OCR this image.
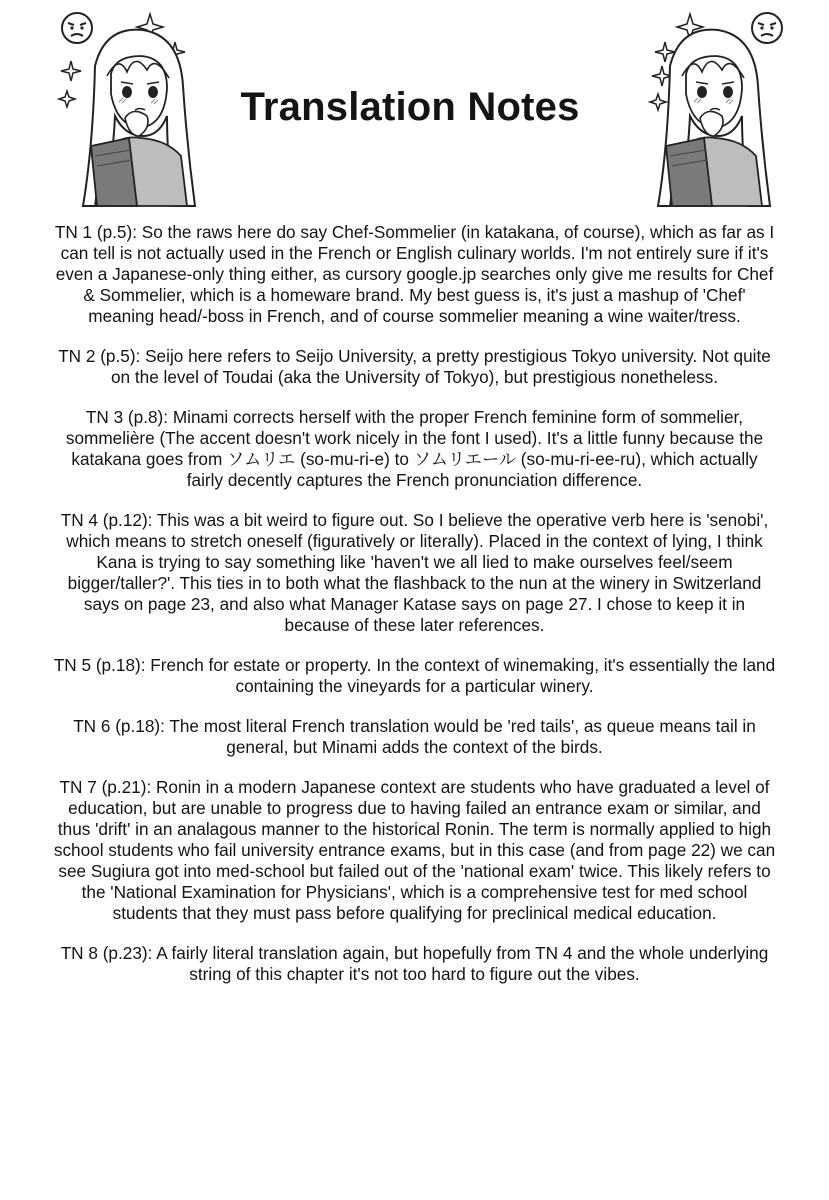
Translation Notes

TN 1 (p.5): So the raws here do say Chef-Sommelier (in katakana, of course), which as far as I can tell is not actually used in the French or English culinary worlds. I'm not entirely sure if it's even a Japanese-only thing either, as cursory google.jp searches only give me results for Chef & Sommelier, which is a homeware brand. My best guess is, it's just a mashup of 'Chef' meaning head/-boss in French, and of course sommelier meaning a wine waiter/tress.

TN 2 (p.5): Seijo here refers to Seijo University, a pretty prestigious Tokyo university. Not quite on the level of Toudai (aka the University of Tokyo), but prestigious nonetheless.

TN 3 (p.8): Minami corrects herself with the proper French feminine form of sommelier, sommelière (The accent doesn't work nicely in the font I used). It's a little funny because the katakana goes from ソムリエ (so-mu-ri-e) to ソムリエール (so-mu-ri-ee-ru), which actually fairly decently captures the French pronunciation difference.

TN 4 (p.12): This was a bit weird to figure out. So I believe the operative verb here is 'senobi', which means to stretch oneself (figuratively or literally). Placed in the context of lying, I think Kana is trying to say something like 'haven't we all lied to make ourselves feel/seem bigger/taller?'. This ties in to both what the flashback to the nun at the winery in Switzerland says on page 23, and also what Manager Katase says on page 27. I chose to keep it in because of these later references.

TN 5 (p.18): French for estate or property. In the context of winemaking, it's essentially the land containing the vineyards for a particular winery.

TN 6 (p.18): The most literal French translation would be 'red tails', as queue means tail in general, but Minami adds the context of the birds.

TN 7 (p.21): Ronin in a modern Japanese context are students who have graduated a level of education, but are unable to progress due to having failed an entrance exam or similar, and thus 'drift' in an analagous manner to the historical Ronin. The term is normally applied to high school students who fail university entrance exams, but in this case (and from page 22) we can see Sugiura got into med-school but failed out of the 'national exam' twice. This likely refers to the 'National Examination for Physicians', which is a comprehensive test for med school students that they must pass before qualifying for preclinical medical education.

TN 8 (p.23): A fairly literal translation again, but hopefully from TN 4 and the whole underlying string of this chapter it's not too hard to figure out the vibes.
